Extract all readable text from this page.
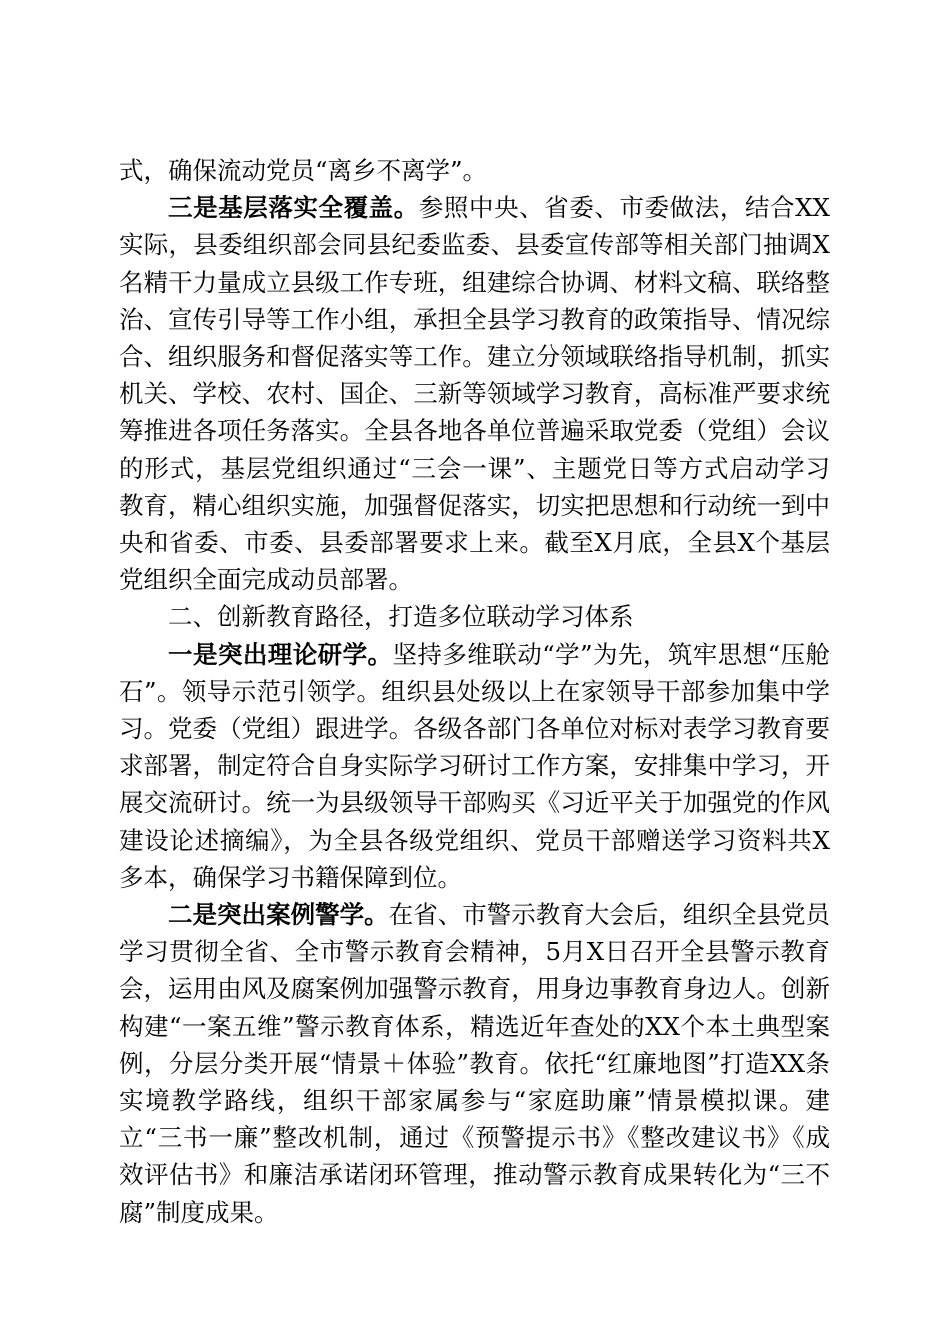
式，确保流动党员“离乡不离学”。

三是基层落实全覆盖。参照中央、省委、市委做法，结合XX实际，县委组织部会同县纪委监委、县委宣传部等相关部门抽调X名精干力量成立县级工作专班，组建综合协调、材料文稿、联络整治、宣传引导等工作小组，承担全县学习教育的政策指导、情况综合、组织服务和督促落实等工作。建立分领域联络指导机制，抓实机关、学校、农村、国企、三新等领域学习教育，高标准严要求统筹推进各项任务落实。全县各地各单位普遍采取党委（党组）会议的形式，基层党组织通过“三会一课”、主题党日等方式启动学习教育，精心组织实施，加强督促落实，切实把思想和行动统一到中央和省委、市委、县委部署要求上来。截至X月底，全县X个基层党组织全面完成动员部署。

二、创新教育路径，打造多位联动学习体系

一是突出理论研学。坚持多维联动“学”为先，筑牢思想“压舱石”。领导示范引领学。组织县处级以上在家领导干部参加集中学习。党委（党组）跟进学。各级各部门各单位对标对表学习教育要求部署，制定符合自身实际学习研讨工作方案，安排集中学习，开展交流研讨。统一为县级领导干部购买《习近平关于加强党的作风建设论述摘编》，为全县各级党组织、党员干部赠送学习资料共X多本，确保学习书籍保障到位。

二是突出案例警学。在省、市警示教育大会后，组织全县党员学习贯彻全省、全市警示教育会精神，5月X日召开全县警示教育会，运用由风及腐案例加强警示教育，用身边事教育身边人。创新构建“一案五维”警示教育体系，精选近年查处的XX个本土典型案例，分层分类开展“情景＋体验”教育。依托“红廉地图”打造XX条实境教学路线，组织干部家属参与“家庭助廉”情景模拟课。建立“三书一廉”整改机制，通过《预警提示书》《整改建议书》《成效评估书》和廉洁承诺闭环管理，推动警示教育成果转化为“三不腐”制度成果。
